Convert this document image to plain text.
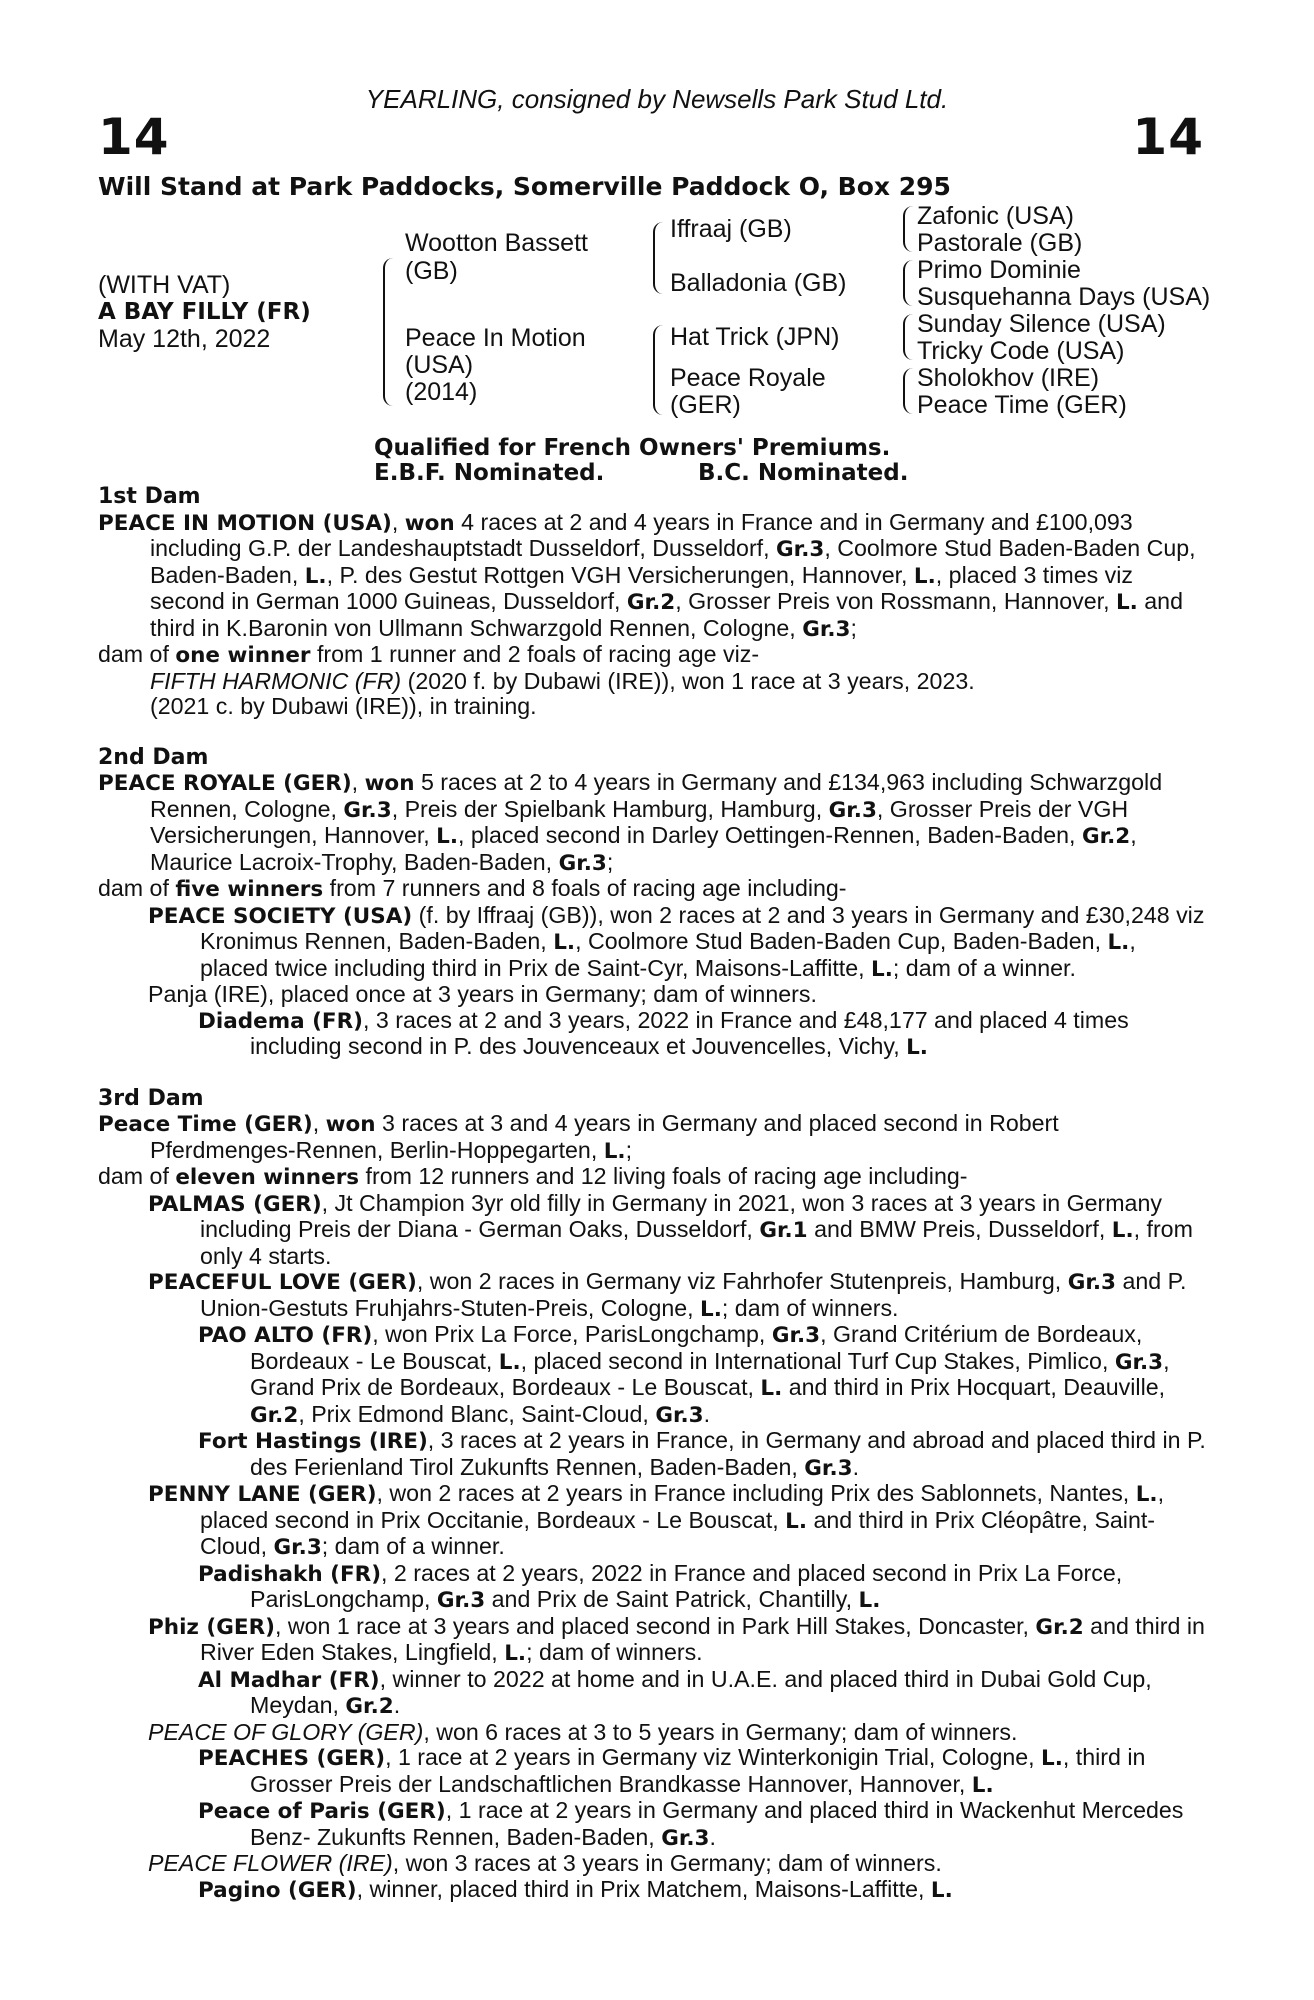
YEARLING, consigned by Newsells Park Stud Ltd.
14	14
Will Stand at Park Paddocks, Somerville Paddock O, Box 295
(WITH VAT)
A BAY FILLY (FR)
May 12th, 2022
Wootton Bassett
(GB)
Peace In Motion
(USA)
(2014)
Iffraaj (GB)
Balladonia (GB)
Hat Trick (JPN)
Peace Royale
(GER)
Zafonic (USA)
Pastorale (GB)
Primo Dominie
Susquehanna Days (USA)
Sunday Silence (USA)
Tricky Code (USA)
Sholokhov (IRE)
Peace Time (GER)
Qualified for French Owners' Premiums.
E.B.F. Nominated.	B.C. Nominated.
1st Dam

PEACE IN MOTION (USA), won 4 races at 2 and 4 years in France and in Germany and £100,093 including G.P. der Landeshauptstadt Dusseldorf, Dusseldorf, Gr.3, Coolmore Stud Baden-Baden Cup, Baden-Baden, L., P. des Gestut Rottgen VGH Versicherungen, Hannover, L., placed 3 times viz second in German 1000 Guineas, Dusseldorf, Gr.2, Grosser Preis von Rossmann, Hannover, L. and third in K.Baronin von Ullmann Schwarzgold Rennen, Cologne, Gr.3;

dam of one winner from 1 runner and 2 foals of racing age viz-

FIFTH HARMONIC (FR) (2020 f. by Dubawi (IRE)), won 1 race at 3 years, 2023.

(2021 c. by Dubawi (IRE)), in training.

2nd Dam

PEACE ROYALE (GER), won 5 races at 2 to 4 years in Germany and £134,963 including Schwarzgold Rennen, Cologne, Gr.3, Preis der Spielbank Hamburg, Hamburg, Gr.3, Grosser Preis der VGH Versicherungen, Hannover, L., placed second in Darley Oettingen-Rennen, Baden-Baden, Gr.2, Maurice Lacroix-Trophy, Baden-Baden, Gr.3;

dam of five winners from 7 runners and 8 foals of racing age including-

PEACE SOCIETY (USA) (f. by Iffraaj (GB)), won 2 races at 2 and 3 years in Germany and £30,248 viz Kronimus Rennen, Baden-Baden, L., Coolmore Stud Baden-Baden Cup, Baden-Baden, L., placed twice including third in Prix de Saint-Cyr, Maisons-Laffitte, L.; dam of a winner.

Panja (IRE), placed once at 3 years in Germany; dam of winners.

Diadema (FR), 3 races at 2 and 3 years, 2022 in France and £48,177 and placed 4 times including second in P. des Jouvenceaux et Jouvencelles, Vichy, L.

3rd Dam

Peace Time (GER), won 3 races at 3 and 4 years in Germany and placed second in Robert Pferdmenges-Rennen, Berlin-Hoppegarten, L.;

dam of eleven winners from 12 runners and 12 living foals of racing age including-

PALMAS (GER), Jt Champion 3yr old filly in Germany in 2021, won 3 races at 3 years in Germany including Preis der Diana - German Oaks, Dusseldorf, Gr.1 and BMW Preis, Dusseldorf, L., from only 4 starts.

PEACEFUL LOVE (GER), won 2 races in Germany viz Fahrhofer Stutenpreis, Hamburg, Gr.3 and P. Union-Gestuts Fruhjahrs-Stuten-Preis, Cologne, L.; dam of winners.

PAO ALTO (FR), won Prix La Force, ParisLongchamp, Gr.3, Grand Critérium de Bordeaux, Bordeaux - Le Bouscat, L., placed second in International Turf Cup Stakes, Pimlico, Gr.3, Grand Prix de Bordeaux, Bordeaux - Le Bouscat, L. and third in Prix Hocquart, Deauville, Gr.2, Prix Edmond Blanc, Saint-Cloud, Gr.3.

Fort Hastings (IRE), 3 races at 2 years in France, in Germany and abroad and placed third in P. des Ferienland Tirol Zukunfts Rennen, Baden-Baden, Gr.3.

PENNY LANE (GER), won 2 races at 2 years in France including Prix des Sablonnets, Nantes, L., placed second in Prix Occitanie, Bordeaux - Le Bouscat, L. and third in Prix Cléopâtre, Saint-Cloud, Gr.3; dam of a winner.

Padishakh (FR), 2 races at 2 years, 2022 in France and placed second in Prix La Force, ParisLongchamp, Gr.3 and Prix de Saint Patrick, Chantilly, L.

Phiz (GER), won 1 race at 3 years and placed second in Park Hill Stakes, Doncaster, Gr.2 and third in River Eden Stakes, Lingfield, L.; dam of winners.

Al Madhar (FR), winner to 2022 at home and in U.A.E. and placed third in Dubai Gold Cup, Meydan, Gr.2.

PEACE OF GLORY (GER), won 6 races at 3 to 5 years in Germany; dam of winners.

PEACHES (GER), 1 race at 2 years in Germany viz Winterkonigin Trial, Cologne, L., third in Grosser Preis der Landschaftlichen Brandkasse Hannover, Hannover, L.

Peace of Paris (GER), 1 race at 2 years in Germany and placed third in Wackenhut Mercedes Benz- Zukunfts Rennen, Baden-Baden, Gr.3.

PEACE FLOWER (IRE), won 3 races at 3 years in Germany; dam of winners.

Pagino (GER), winner, placed third in Prix Matchem, Maisons-Laffitte, L.
